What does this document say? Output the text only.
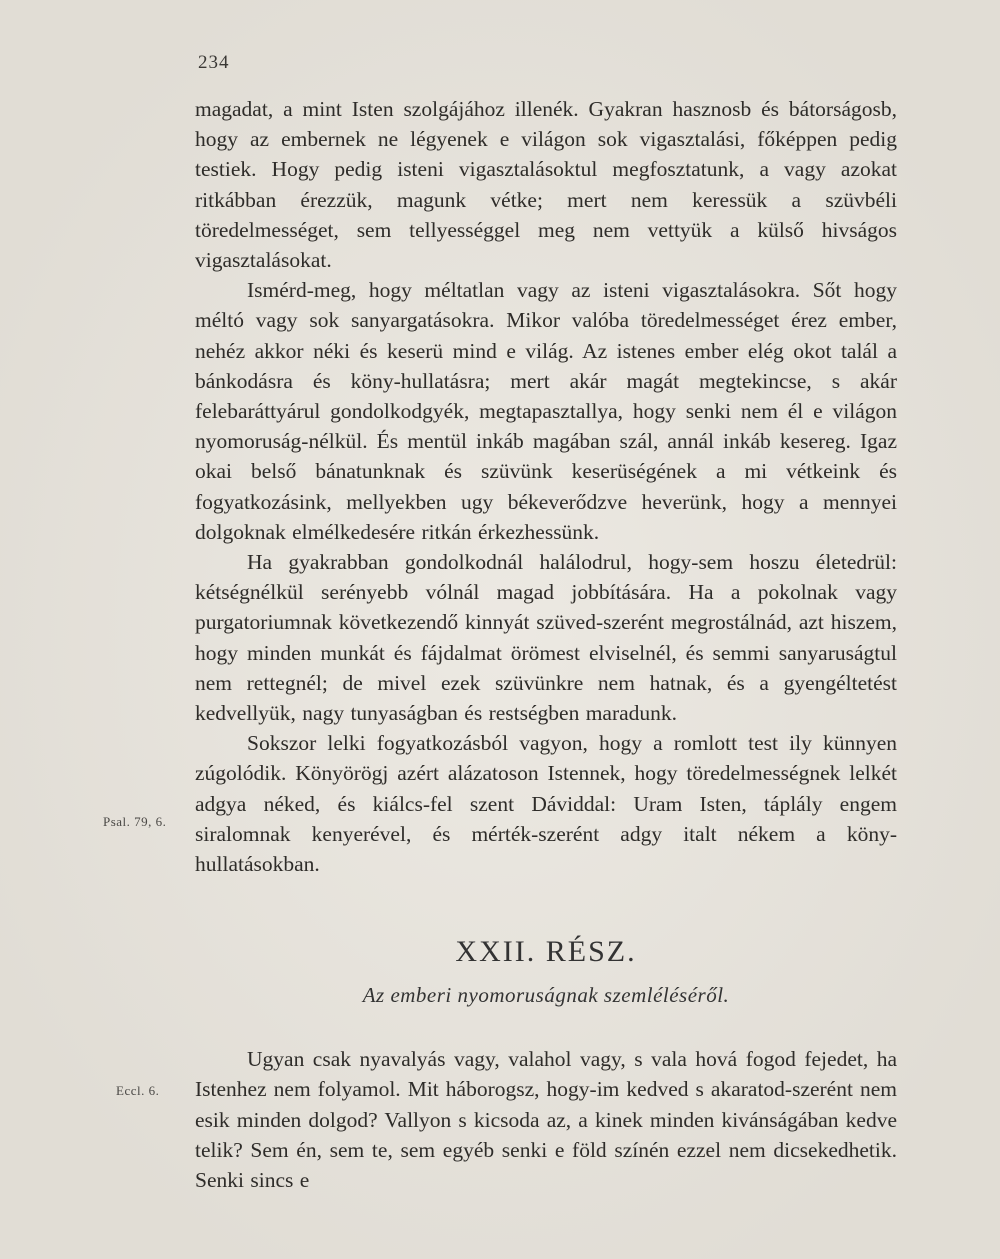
234
Psal. 79, 6.
Eccl. 6.

magadat, a mint Isten szolgájához illenék. Gyakran hasznosb és bátorságosb, hogy az embernek ne légyenek e világon sok vigasztalási, főképpen pedig testiek. Hogy pedig isteni vigasztalásoktul megfosztatunk, a vagy azokat ritkábban érezzük, magunk vétke; mert nem keressük a szüvbéli töredelmességet, sem tellyességgel meg nem vettyük a külső hivságos vigasztalásokat.

Ismérd-meg, hogy méltatlan vagy az isteni vigasztalásokra. Sőt hogy méltó vagy sok sanyargatásokra. Mikor valóba töredelmességet érez ember, nehéz akkor néki és keserü mind e világ. Az istenes ember elég okot talál a bánkodásra és köny-hullatásra; mert akár magát megtekincse, s akár felebaráttyárul gondolkodgyék, megtapasztallya, hogy senki nem él e világon nyomoruság-nélkül. És mentül inkáb magában szál, annál inkáb kesereg. Igaz okai belső bánatunknak és szüvünk keserüségének a mi vétkeink és fogyatkozásink, mellyekben ugy békeverődzve heverünk, hogy a mennyei dolgoknak elmélkedesére ritkán érkezhessünk.

Ha gyakrabban gondolkodnál halálodrul, hogy-sem hoszu életedrül: kétségnélkül serényebb vólnál magad jobbítására. Ha a pokolnak vagy purgatoriumnak következendő kinnyát szüved-szerént megrostálnád, azt hiszem, hogy minden munkát és fájdalmat örömest elviselnél, és semmi sanyaruságtul nem rettegnél; de mivel ezek szüvünkre nem hatnak, és a gyengéltetést kedvellyük, nagy tunyaságban és restségben maradunk.

Sokszor lelki fogyatkozásból vagyon, hogy a romlott test ily künnyen zúgolódik. Könyörögj azért alázatoson Istennek, hogy töredelmességnek lelkét adgya néked, és kiálcs-fel szent Dáviddal: Uram Isten, táplály engem siralomnak kenyerével, és mérték-szerént adgy italt nékem a köny-hullatásokban.

XXII. RÉSZ.
Az emberi nyomoruságnak szemléléséről.

Ugyan csak nyavalyás vagy, valahol vagy, s vala hová fogod fejedet, ha Istenhez nem folyamol. Mit háborogsz, hogy-im kedved s akaratod-szerént nem esik minden dolgod? Vallyon s kicsoda az, a kinek minden kivánságában kedve telik? Sem én, sem te, sem egyéb senki e föld színén ezzel nem dicsekedhetik. Senki sincs e
